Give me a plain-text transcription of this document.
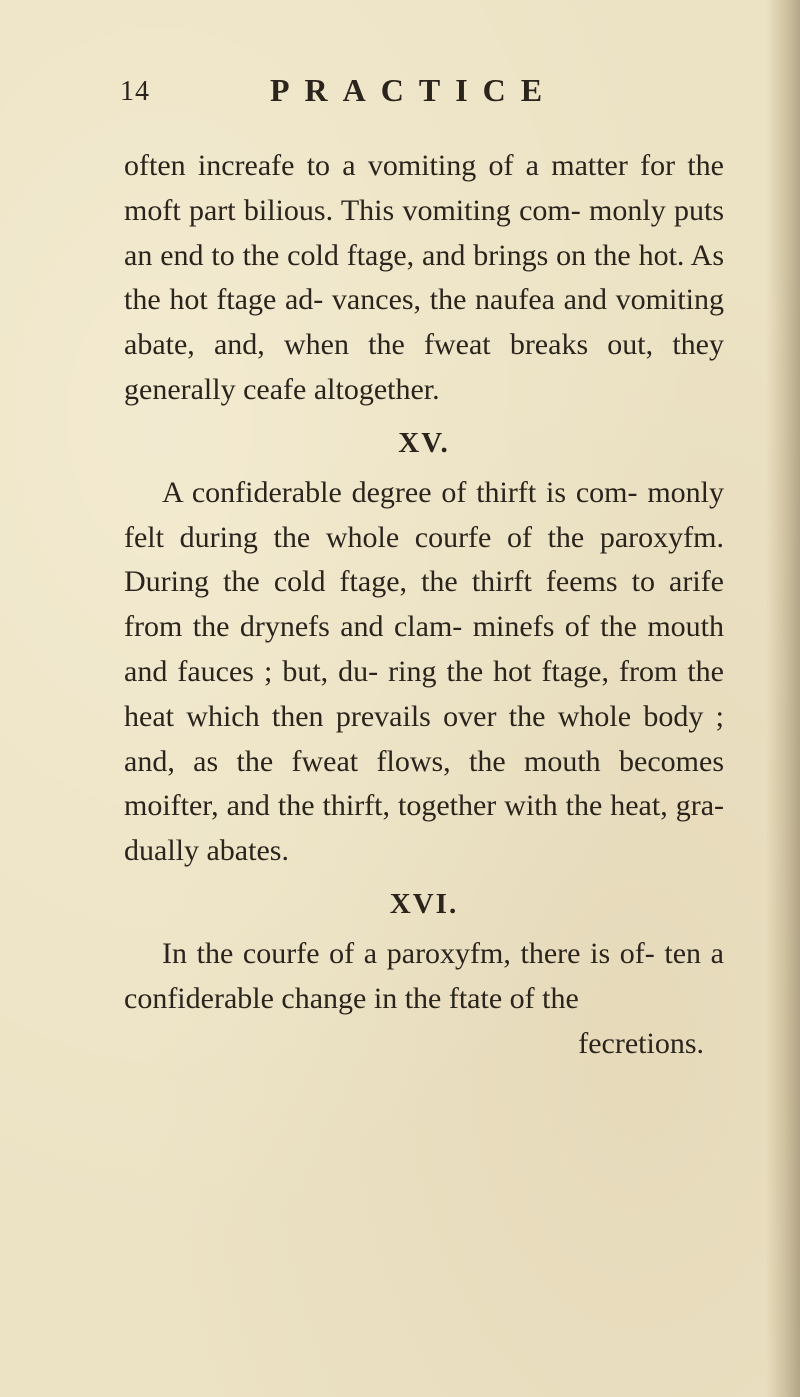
14	PRACTICE

often increafe to a vomiting of a matter for the moft part bilious. This vomiting com- monly puts an end to the cold ftage, and brings on the hot. As the hot ftage ad- vances, the naufea and vomiting abate, and, when the fweat breaks out, they generally ceafe altogether.

XV.

A confiderable degree of thirft is com- monly felt during the whole courfe of the paroxyfm. During the cold ftage, the thirft feems to arife from the drynefs and clam- minefs of the mouth and fauces ; but, du- ring the hot ftage, from the heat which then prevails over the whole body ; and, as the fweat flows, the mouth becomes moifter, and the thirft, together with the heat, gra- dually abates.

XVI.

In the courfe of a paroxyfm, there is of- ten a confiderable change in the ftate of the

fecretions.
